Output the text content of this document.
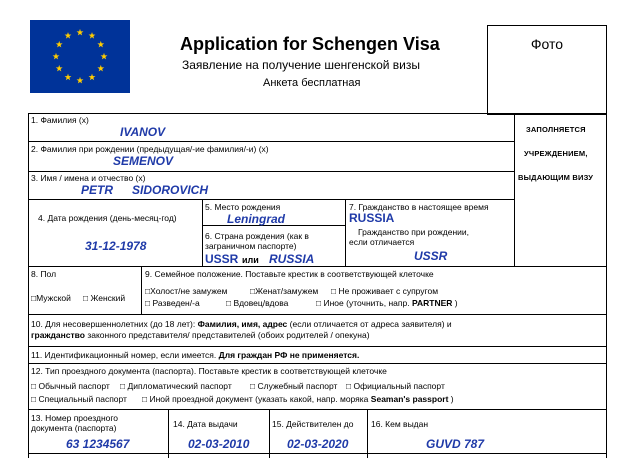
Application for Schengen Visa
Заявление на получение шенгенской визы
Анкета бесплатная
Фото
ЗАПОЛНЯЕТСЯ
УЧРЕЖДЕНИЕМ,
ВЫДАЮЩИМ ВИЗУ
1. Фамилия (х)
IVANOV
2. Фамилия при рождении (предыдущая/-ие фамилия/-и) (х)
SEMENOV
3. Имя / имена и отчество (х)
PETR SIDOROVICH
4. Дата рождения (день-месяц-год)
31-12-1978
5. Место рождения
Leningrad
6. Страна рождения (как в
заграничном паспорте)
USSR или RUSSIA
7. Гражданство в настоящее время
RUSSIA
Гражданство при рождении,
если отличается
USSR
8. Пол
□Мужской □ Женский
9. Семейное положение. Поставьте крестик в соответствующей клеточке
□Холост/не замужем	□Женат/замужем □ Не проживает с супругом
□ Разведен/-а	□ Вдовец/вдова	□ Иное (уточнить, напр. PARTNER )
10. Для несовершеннолетних (до 18 лет): Фамилия, имя, адрес (если отличается от адреса заявителя) и
гражданство законного представителя/ представителей (обоих родителей / опекуна)
11. Идентификационный номер, если имеется. Для граждан РФ не применяется.
12. Тип проездного документа (паспорта). Поставьте крестик в соответствующей клеточке
□ Обычный паспорт □ Дипломатический паспорт □ Служебный паспорт □ Официальный паспорт
□ Специальный паспорт □ Иной проездной документ (указать какой, напр. моряка Seaman's passport )
13. Номер проездного
документа (паспорта)
63 1234567
14. Дата выдачи
02-03-2010
15. Действителен до
02-03-2020
16. Кем выдан
GUVD 787
